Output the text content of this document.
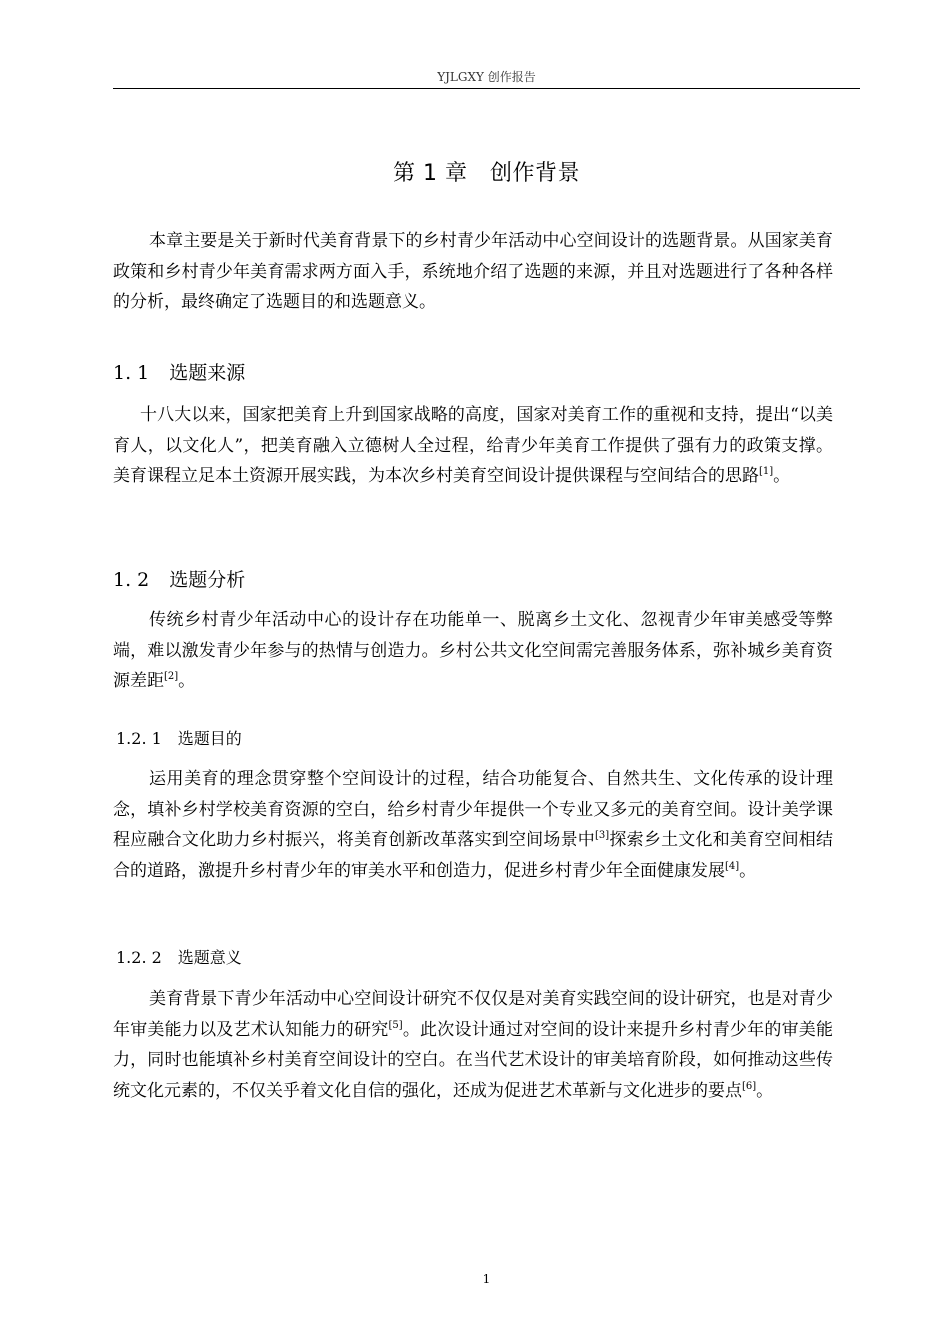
YJLGXY 创作报告
第 1 章　创作背景

本章主要是关于新时代美育背景下的乡村青少年活动中心空间设计的选题背景。从国家美育政策和乡村青少年美育需求两方面入手，系统地介绍了选题的来源，并且对选题进行了各种各样的分析，最终确定了选题目的和选题意义。

1. 1 选题来源

十八大以来，国家把美育上升到国家战略的高度，国家对美育工作的重视和支持，提出“以美育人，以文化人”，把美育融入立德树人全过程，给青少年美育工作提供了强有力的政策支撑。美育课程立足本土资源开展实践，为本次乡村美育空间设计提供课程与空间结合的思路[1]。

1. 2 选题分析

传统乡村青少年活动中心的设计存在功能单一、脱离乡土文化、忽视青少年审美感受等弊端，难以激发青少年参与的热情与创造力。乡村公共文化空间需完善服务体系，弥补城乡美育资源差距[2]。

1.2. 1 选题目的

运用美育的理念贯穿整个空间设计的过程，结合功能复合、自然共生、文化传承的设计理念，填补乡村学校美育资源的空白，给乡村青少年提供一个专业又多元的美育空间。设计美学课程应融合文化助力乡村振兴，将美育创新改革落实到空间场景中[3]探索乡土文化和美育空间相结合的道路，激提升乡村青少年的审美水平和创造力，促进乡村青少年全面健康发展[4]。

1.2. 2 选题意义

美育背景下青少年活动中心空间设计研究不仅仅是对美育实践空间的设计研究，也是对青少年审美能力以及艺术认知能力的研究[5]。此次设计通过对空间的设计来提升乡村青少年的审美能力，同时也能填补乡村美育空间设计的空白。在当代艺术设计的审美培育阶段，如何推动这些传统文化元素的，不仅关乎着文化自信的强化，还成为促进艺术革新与文化进步的要点[6]。

1
